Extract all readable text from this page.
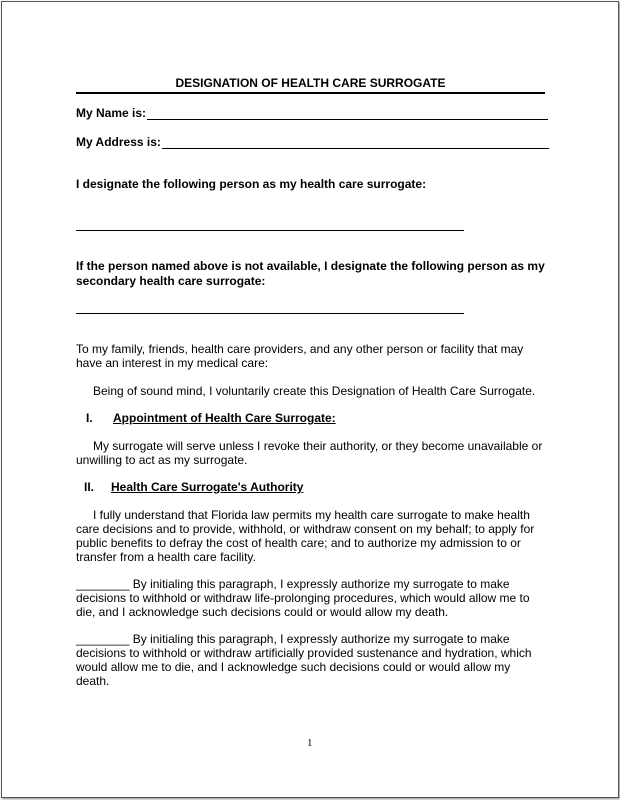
DESIGNATION OF HEALTH CARE SURROGATE
My Name is:
My Address is:
I designate the following person as my health care surrogate:
If the person named above is not available, I designate the following person as my
secondary health care surrogate:
To my family, friends, health care providers, and any other person or facility that may
have an interest in my medical care:
Being of sound mind, I voluntarily create this Designation of Health Care Surrogate.
I. Appointment of Health Care Surrogate:
My surrogate will serve unless I revoke their authority, or they become unavailable or
unwilling to act as my surrogate.
II. Health Care Surrogate's Authority
I fully understand that Florida law permits my health care surrogate to make health
care decisions and to provide, withhold, or withdraw consent on my behalf; to apply for
public benefits to defray the cost of health care; and to authorize my admission to or
transfer from a health care facility.
________ By initialing this paragraph, I expressly authorize my surrogate to make
decisions to withhold or withdraw life-prolonging procedures, which would allow me to
die, and I acknowledge such decisions could or would allow my death.
________ By initialing this paragraph, I expressly authorize my surrogate to make
decisions to withhold or withdraw artificially provided sustenance and hydration, which
would allow me to die, and I acknowledge such decisions could or would allow my
death.
1
